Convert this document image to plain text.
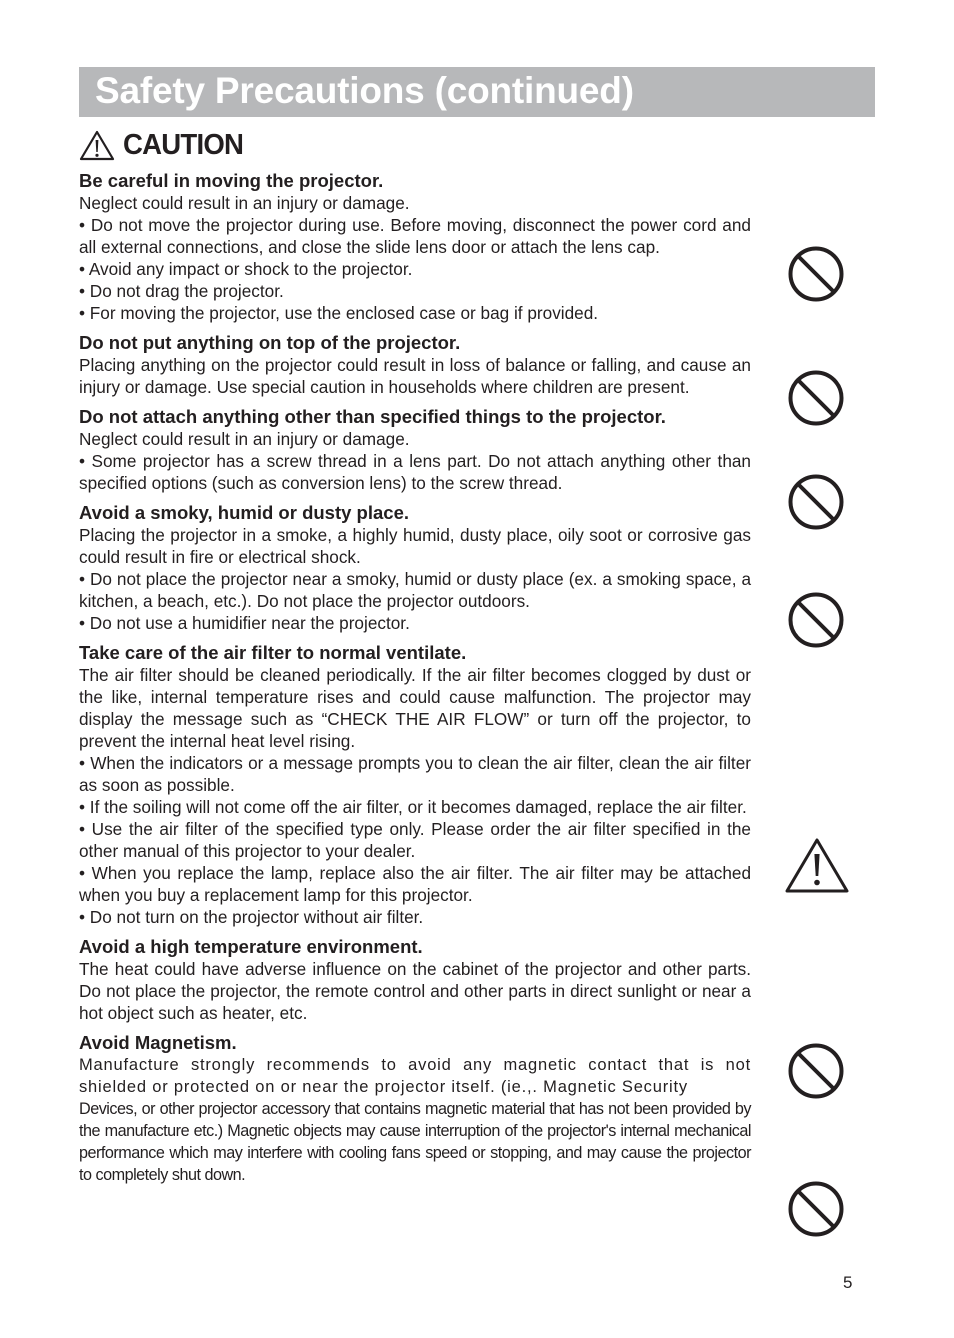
Safety Precautions (continued)
CAUTION
Be careful in moving the projector.

Neglect could result in an injury or damage.

• Do not move the projector during use. Before moving, disconnect the power cord and all external connections, and close the slide lens door or attach the lens cap.

• Avoid any impact or shock to the projector.

• Do not drag the projector.

• For moving the projector, use the enclosed case or bag if provided.

Do not put anything on top of the projector.

Placing anything on the projector could result in loss of balance or falling, and cause an injury or damage. Use special caution in households where children are present.

Do not attach anything other than specified things to the projector.

Neglect could result in an injury or damage.

• Some projector has a screw thread in a lens part. Do not attach anything other than specified options (such as conversion lens) to the screw thread.

Avoid a smoky, humid or dusty place.

Placing the projector in a smoke, a highly humid, dusty place, oily soot or corrosive gas could result in fire or electrical shock.

• Do not place the projector near a smoky, humid or dusty place (ex. a smoking space, a kitchen, a beach, etc.). Do not place the projector outdoors.

• Do not use a humidifier near the projector.

Take care of the air filter to normal ventilate.

The air filter should be cleaned periodically. If the air filter becomes clogged by dust or the like, internal temperature rises and could cause malfunction. The projector may display the message such as “CHECK THE AIR FLOW” or turn off the projector, to prevent the internal heat level rising.

• When the indicators or a message prompts you to clean the air filter, clean the air filter as soon as possible.

• If the soiling will not come off the air filter, or it becomes damaged, replace the air filter.

• Use the air filter of the specified type only. Please order the air filter specified in the other manual of this projector to your dealer.

• When you replace the lamp, replace also the air filter. The air filter may be attached when you buy a replacement lamp for this projector.

• Do not turn on the projector without air filter.

Avoid a high temperature environment.

The heat could have adverse influence on the cabinet of the projector and other parts. Do not place the projector, the remote control and other parts in direct sunlight or near a hot object such as heater, etc.

Avoid Magnetism.

Manufacture strongly recommends to avoid any magnetic contact that is not shielded or protected on or near the projector itself. (ie.,. Magnetic Security

Devices, or other projector accessory that contains magnetic material that has not been provided by the manufacture etc.) Magnetic objects may cause interruption of the projector's internal mechanical performance which may interfere with cooling fans speed or stopping, and may cause the projector to completely shut down.

5
